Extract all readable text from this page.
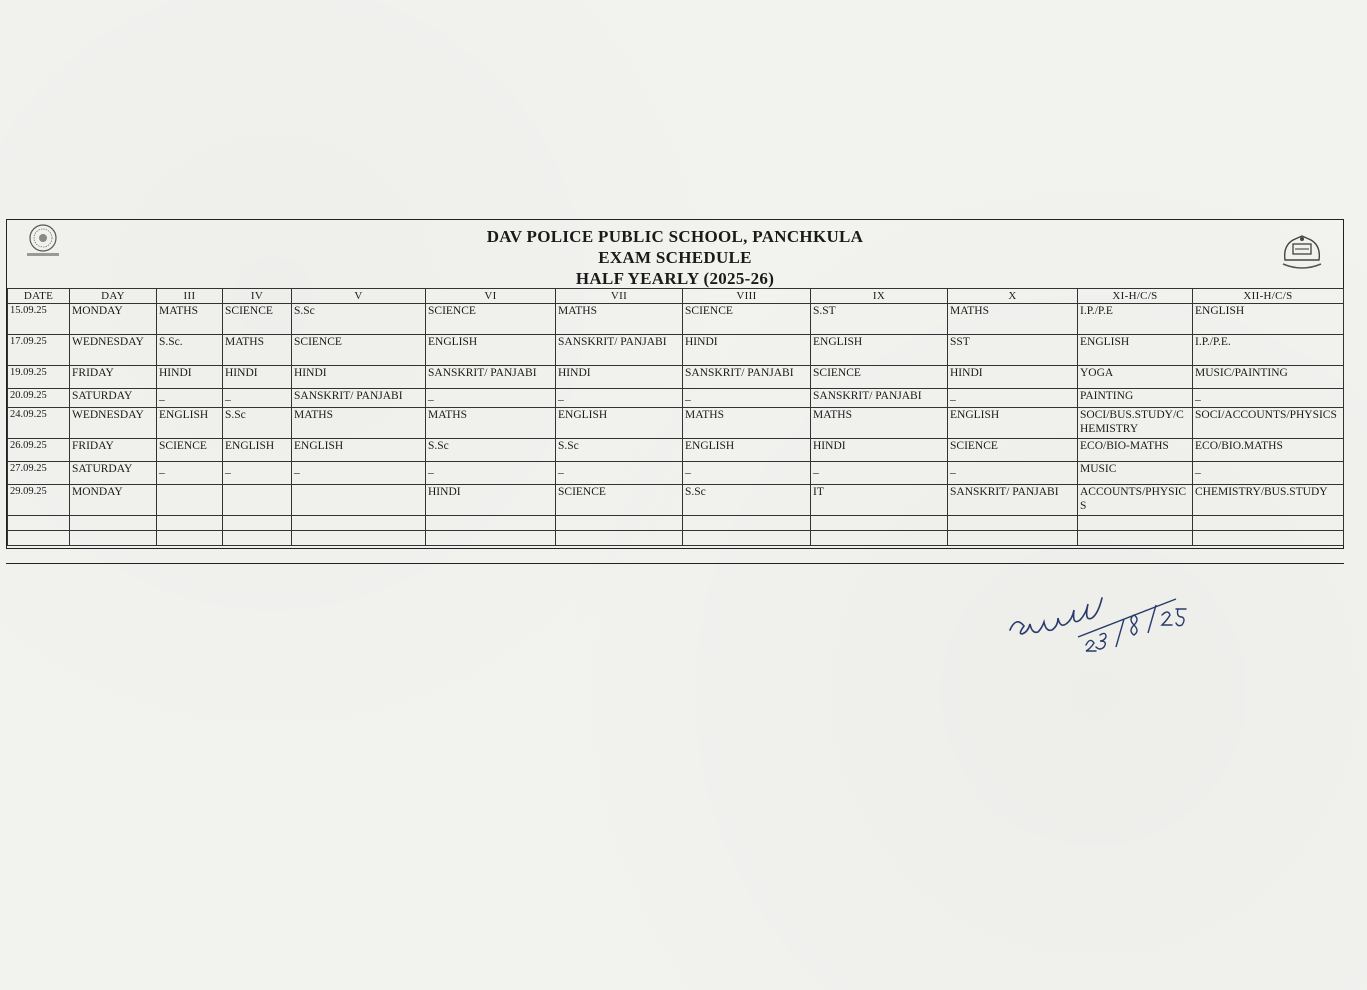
DAV POLICE PUBLIC SCHOOL, PANCHKULA
EXAM SCHEDULE
HALF YEARLY (2025-26)
DATE	DAY	III	IV	V	VI	VII	VIII	IX	X	XI-H/C/S	XII-H/C/S
15.09.25	MONDAY	MATHS	SCIENCE	S.Sc	SCIENCE	MATHS	SCIENCE	S.ST	MATHS	I.P./P.E	ENGLISH
17.09.25	WEDNESDAY	S.Sc.	MATHS	SCIENCE	ENGLISH	SANSKRIT/ PANJABI	HINDI	ENGLISH	SST	ENGLISH	I.P./P.E.
19.09.25	FRIDAY	HINDI	HINDI	HINDI	SANSKRIT/ PANJABI	HINDI	SANSKRIT/ PANJABI	SCIENCE	HINDI	YOGA	MUSIC/PAINTING
20.09.25	SATURDAY	_	_	SANSKRIT/ PANJABI	_	_	_	SANSKRIT/ PANJABI	_	PAINTING	_
24.09.25	WEDNESDAY	ENGLISH	S.Sc	MATHS	MATHS	ENGLISH	MATHS	MATHS	ENGLISH	SOCI/BUS.STUDY/C HEMISTRY	SOCI/ACCOUNTS/PHYSICS
26.09.25	FRIDAY	SCIENCE	ENGLISH	ENGLISH	S.Sc	S.Sc	ENGLISH	HINDI	SCIENCE	ECO/BIO-MATHS	ECO/BIO.MATHS
27.09.25	SATURDAY	_	_	_	_	_	_	_	_	MUSIC	_
29.09.25	MONDAY				HINDI	SCIENCE	S.Sc	IT	SANSKRIT/ PANJABI	ACCOUNTS/PHYSIC S	CHEMISTRY/BUS.STUDY
